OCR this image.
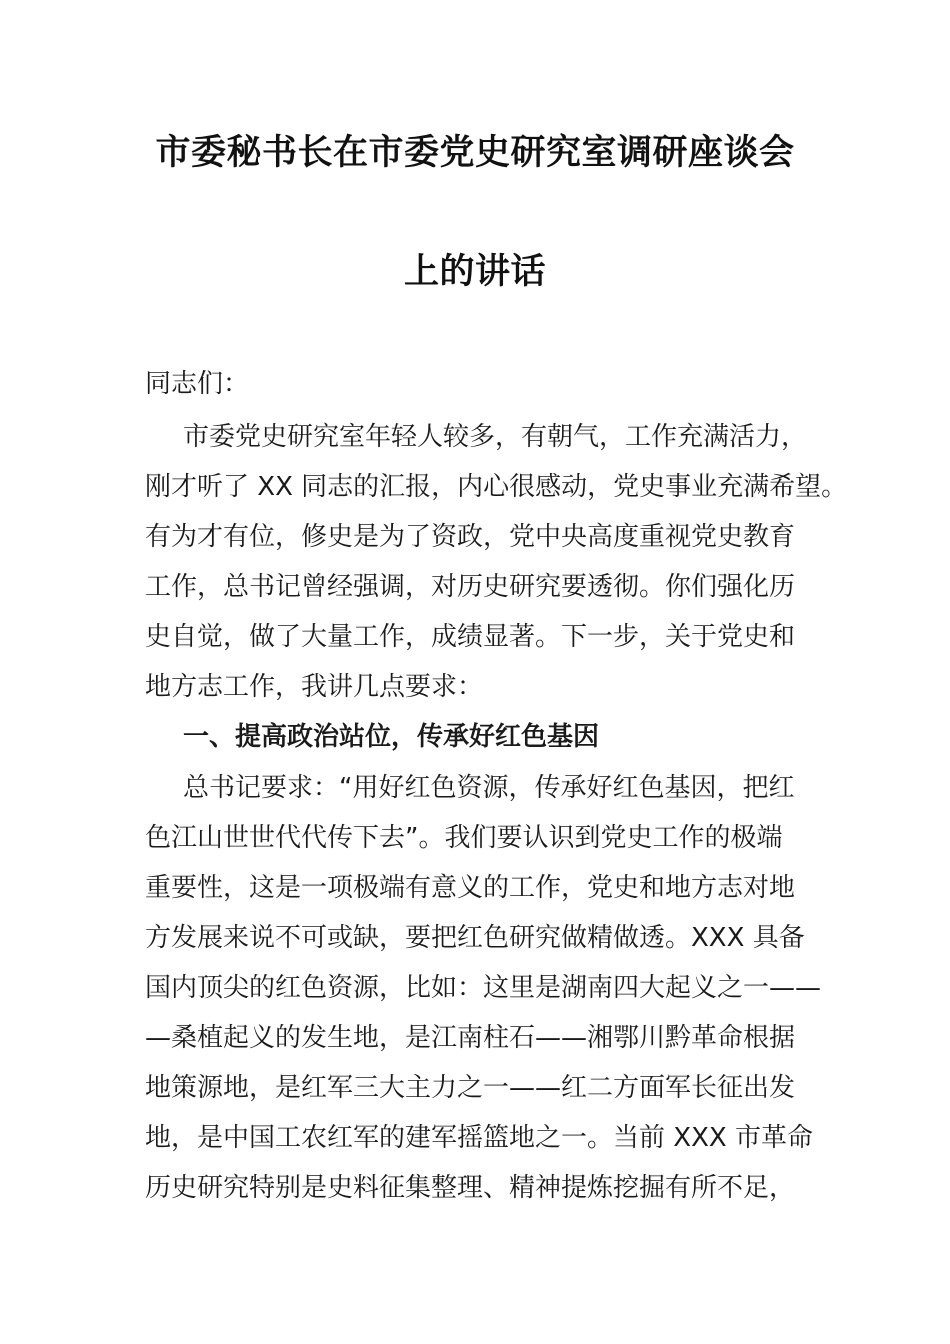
市委秘书长在市委党史研究室调研座谈会
上的讲话
同志们：
市委党史研究室年轻人较多，有朝气，工作充满活力，
刚才听了 XX 同志的汇报，内心很感动，党史事业充满希望。
有为才有位，修史是为了资政，党中央高度重视党史教育
工作，总书记曾经强调，对历史研究要透彻。你们强化历
史自觉，做了大量工作，成绩显著。下一步，关于党史和
地方志工作，我讲几点要求：
一、提高政治站位，传承好红色基因
总书记要求：“用好红色资源，传承好红色基因，把红
色江山世世代代传下去”。我们要认识到党史工作的极端
重要性，这是一项极端有意义的工作，党史和地方志对地
方发展来说不可或缺，要把红色研究做精做透。XXX 具备
国内顶尖的红色资源，比如：这里是湖南四大起义之一——
—桑植起义的发生地，是江南柱石——湘鄂川黔革命根据
地策源地，是红军三大主力之一——红二方面军长征出发
地，是中国工农红军的建军摇篮地之一。当前 XXX 市革命
历史研究特别是史料征集整理、精神提炼挖掘有所不足，
